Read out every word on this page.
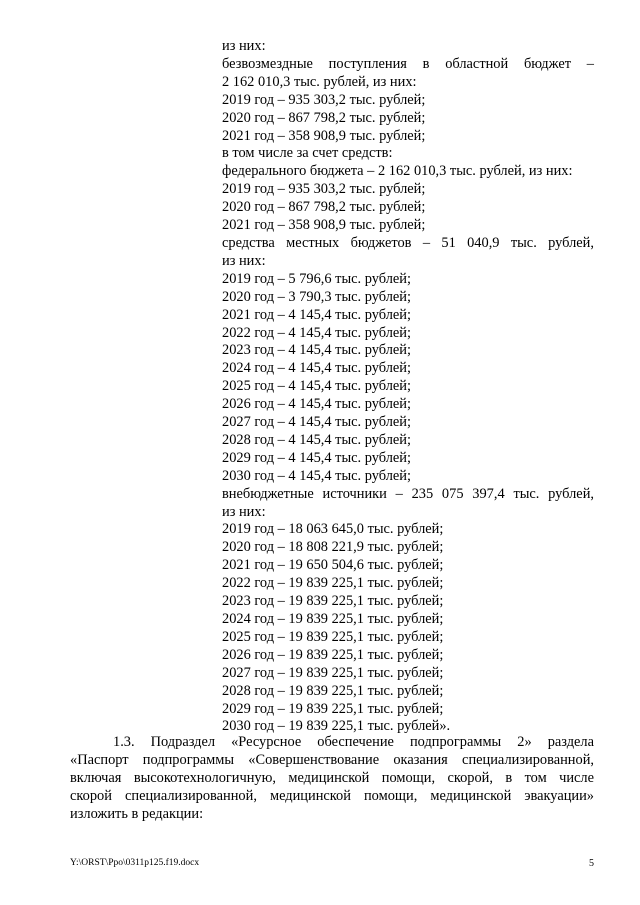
из них:
безвозмездные поступления в областной бюджет –
2 162 010,3 тыс. рублей, из них:
2019 год – 935 303,2 тыс. рублей;
2020 год – 867 798,2 тыс. рублей;
2021 год – 358 908,9 тыс. рублей;
в том числе за счет средств:
федерального бюджета – 2 162 010,3 тыс. рублей, из них:
2019 год – 935 303,2 тыс. рублей;
2020 год – 867 798,2 тыс. рублей;
2021 год – 358 908,9 тыс. рублей;
средства местных бюджетов – 51 040,9 тыс. рублей,
из них:
2019 год – 5 796,6 тыс. рублей;
2020 год – 3 790,3 тыс. рублей;
2021 год – 4 145,4 тыс. рублей;
2022 год – 4 145,4 тыс. рублей;
2023 год – 4 145,4 тыс. рублей;
2024 год – 4 145,4 тыс. рублей;
2025 год – 4 145,4 тыс. рублей;
2026 год – 4 145,4 тыс. рублей;
2027 год – 4 145,4 тыс. рублей;
2028 год – 4 145,4 тыс. рублей;
2029 год – 4 145,4 тыс. рублей;
2030 год – 4 145,4 тыс. рублей;
внебюджетные источники – 235 075 397,4 тыс. рублей,
из них:
2019 год – 18 063 645,0 тыс. рублей;
2020 год – 18 808 221,9 тыс. рублей;
2021 год – 19 650 504,6 тыс. рублей;
2022 год – 19 839 225,1 тыс. рублей;
2023 год – 19 839 225,1 тыс. рублей;
2024 год – 19 839 225,1 тыс. рублей;
2025 год – 19 839 225,1 тыс. рублей;
2026 год – 19 839 225,1 тыс. рублей;
2027 год – 19 839 225,1 тыс. рублей;
2028 год – 19 839 225,1 тыс. рублей;
2029 год – 19 839 225,1 тыс. рублей;
2030 год – 19 839 225,1 тыс. рублей».
1.3. Подраздел «Ресурсное обеспечение подпрограммы 2» раздела
«Паспорт подпрограммы «Совершенствование оказания специализированной,
включая высокотехнологичную, медицинской помощи, скорой, в том числе
скорой специализированной, медицинской помощи, медицинской эвакуации»
изложить в редакции:
Y:\ORST\Ppo\0311p125.f19.docx	5
